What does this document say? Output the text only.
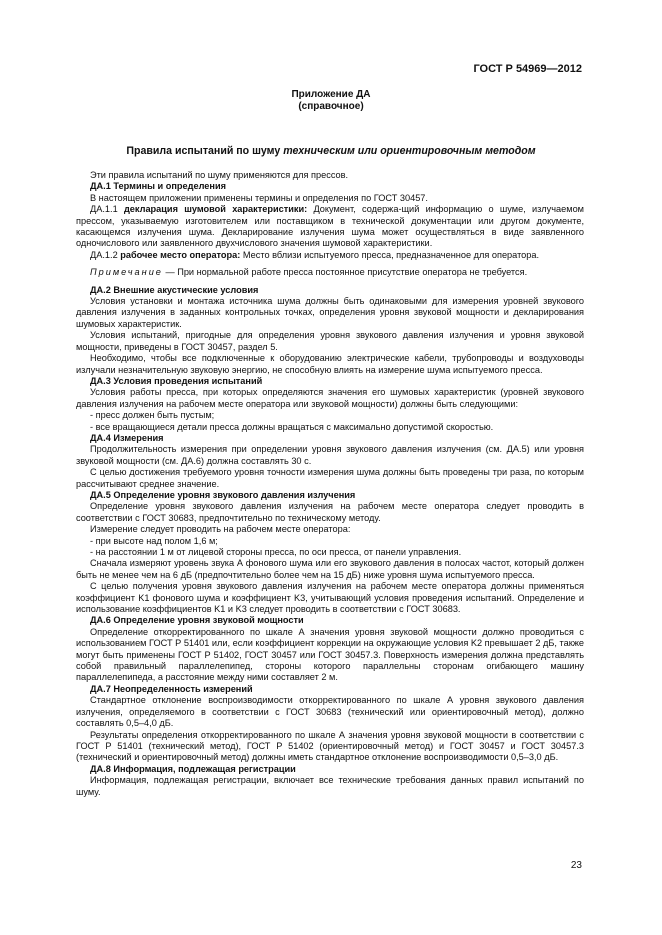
ГОСТ Р 54969—2012
Приложение ДА
(справочное)
Правила испытаний по шуму техническим или ориентировочным методом

Эти правила испытаний по шуму применяются для прессов.

ДА.1 Термины и определения

В настоящем приложении применены термины и определения по ГОСТ 30457.

ДА.1.1 декларация шумовой характеристики: Документ, содержа-щий информацию о шуме, излучаемом прессом, указываемую изготовителем или поставщиком в технической документации или другом документе, касающемся излучения шума. Декларирование излучения шума может осуществляться в виде заявленного одночислового или заявленного двухчислового значения шумовой характеристики.

ДА.1.2 рабочее место оператора: Место вблизи испытуемого пресса, предназначенное для оператора.

Примечание — При нормальной работе пресса постоянное присутствие оператора не требуется.

ДА.2 Внешние акустические условия

Условия установки и монтажа источника шума должны быть одинаковыми для измерения уровней звукового давления излучения в заданных контрольных точках, определения уровня звуковой мощности и декларирования шумовых характеристик.

Условия испытаний, пригодные для определения уровня звукового давления излучения и уровня звуковой мощности, приведены в ГОСТ 30457, раздел 5.

Необходимо, чтобы все подключенные к оборудованию электрические кабели, трубопроводы и воздуховоды излучали незначительную звуковую энергию, не способную влиять на измерение шума испытуемого пресса.

ДА.3 Условия проведения испытаний

Условия работы пресса, при которых определяются значения его шумовых характеристик (уровней звукового давления излучения на рабочем месте оператора или звуковой мощности) должны быть следующими:

- пресс должен быть пустым;

- все вращающиеся детали пресса должны вращаться с максимально допустимой скоростью.

ДА.4 Измерения

Продолжительность измерения при определении уровня звукового давления излучения (см. ДА.5) или уровня звуковой мощности (см. ДА.6) должна составлять 30 с.

С целью достижения требуемого уровня точности измерения шума должны быть проведены три раза, по которым рассчитывают среднее значение.

ДА.5 Определение уровня звукового давления излучения

Определение уровня звукового давления излучения на рабочем месте оператора следует проводить в соответствии с ГОСТ 30683, предпочтительно по техническому методу.

Измерение следует проводить на рабочем месте оператора:

- при высоте над полом 1,6 м;

- на расстоянии 1 м от лицевой стороны пресса, по оси пресса, от панели управления.

Сначала измеряют уровень звука А фонового шума или его звукового давления в полосах частот, который должен быть не менее чем на 6 дБ (предпочтительно более чем на 15 дБ) ниже уровня шума испытуемого пресса.

С целью получения уровня звукового давления излучения на рабочем месте оператора должны применяться коэффициент K1 фонового шума и коэффициент K3, учитывающий условия проведения испытаний. Определение и использование коэффициентов K1 и K3 следует проводить в соответствии с ГОСТ 30683.

ДА.6 Определение уровня звуковой мощности

Определение откорректированного по шкале А значения уровня звуковой мощности должно проводиться с использованием ГОСТ Р 51401 или, если коэффициент коррекции на окружающие условия K2 превышает 2 дБ, также могут быть применены ГОСТ Р 51402, ГОСТ 30457 или ГОСТ 30457.3. Поверхность измерения должна представлять собой правильный параллелепипед, стороны которого параллельны сторонам огибающего машину параллелепипеда, а расстояние между ними составляет 2 м.

ДА.7 Неопределенность измерений

Стандартное отклонение воспроизводимости откорректированного по шкале А уровня звукового давления излучения, определяемого в соответствии с ГОСТ 30683 (технический или ориентировочный метод), должно составлять 0,5–4,0 дБ.

Результаты определения откорректированного по шкале А значения уровня звуковой мощности в соответствии с ГОСТ Р 51401 (технический метод), ГОСТ Р 51402 (ориентировочный метод) и ГОСТ 30457 и ГОСТ 30457.3 (технический и ориентировочный метод) должны иметь стандартное отклонение воспроизводимости 0,5–3,0 дБ.

ДА.8 Информация, подлежащая регистрации

Информация, подлежащая регистрации, включает все технические требования данных правил испытаний по шуму.

23
